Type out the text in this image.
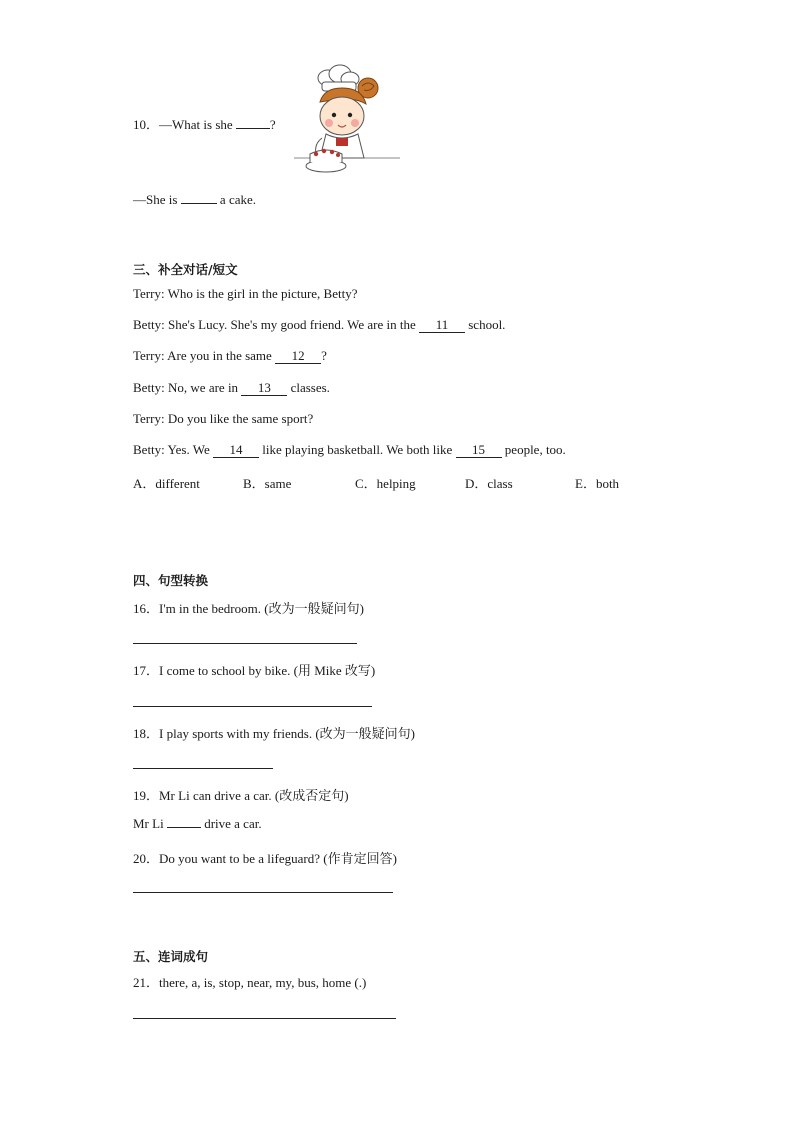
10．—What is she	?
—She is	a cake.
三、补全对话/短文
Terry: Who is the girl in the picture, Betty?
Betty: She's Lucy. She's my good friend. We are in the 11 school.
Terry: Are you in the same 12 ?
Betty: No, we are in 13 classes.
Terry: Do you like the same sport?
Betty: Yes. We 14 like playing basketball. We both like 15 people, too.
A．different	B．same	C．helping	D．class	E．both
四、句型转换
16．I'm in the bedroom. (改为一般疑问句)
17．I come to school by bike. (用 Mike 改写)
18．I play sports with my friends. (改为一般疑问句)
19．Mr Li can drive a car. (改成否定句)
Mr Li	drive a car.
20．Do you want to be a lifeguard? (作肯定回答)
五、连词成句
21．there, a, is, stop, near, my, bus, home (.)
